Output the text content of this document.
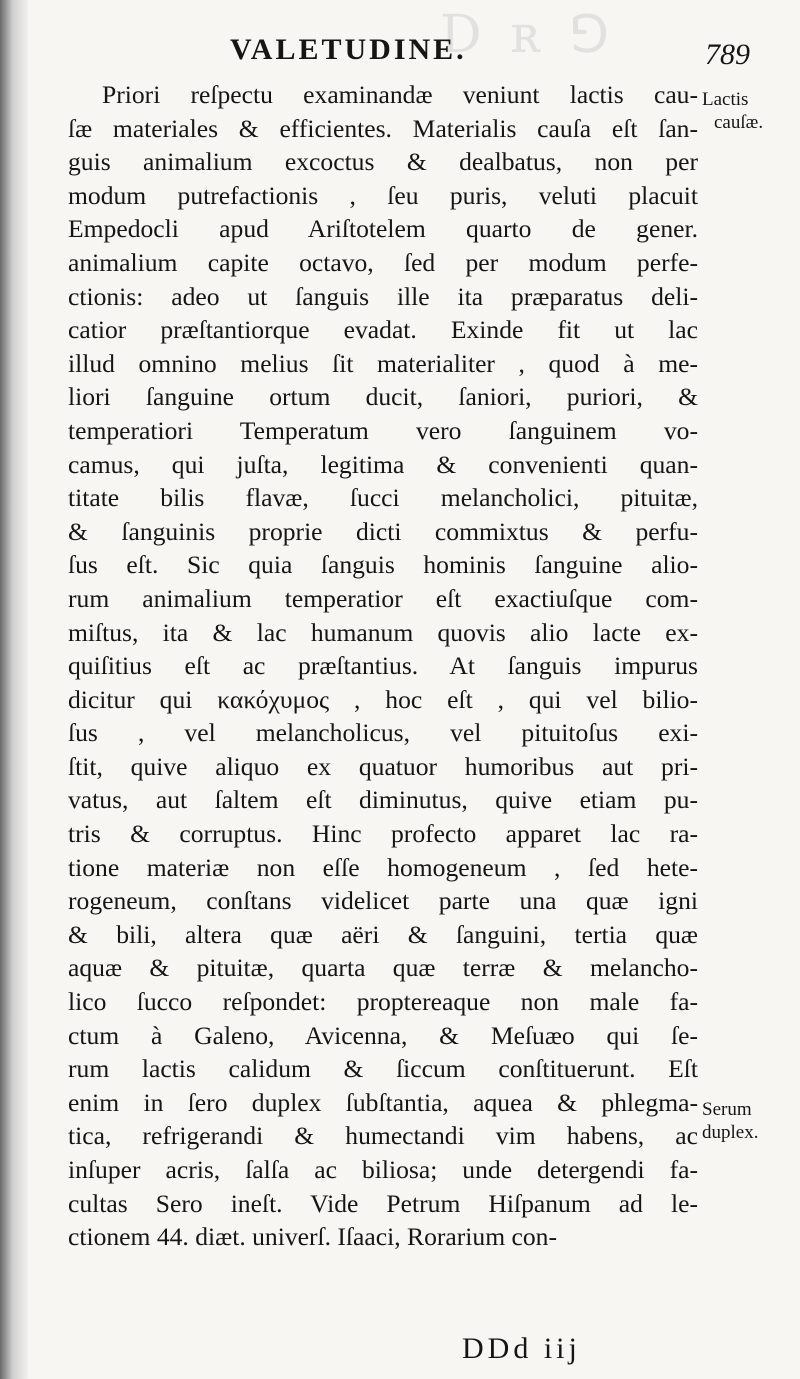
D ʀ ⅁
VALETUDINE.	789
Priori reſpectu examinandæ veniunt lactis cau-
ſæ materiales & efficientes. Materialis cauſa eſt ſan-
guis animalium excoctus & dealbatus, non per
modum putrefactionis , ſeu puris, veluti placuit
Empedocli apud Ariſtotelem quarto de gener.
animalium capite octavo, ſed per modum perfe-
ctionis: adeo ut ſanguis ille ita præparatus deli-
catior præſtantiorque evadat. Exinde fit ut lac
illud omnino melius ſit materialiter , quod à me-
liori ſanguine ortum ducit, ſaniori, puriori, &
temperatiori Temperatum vero ſanguinem vo-
camus, qui juſta, legitima & convenienti quan-
titate bilis flavæ, ſucci melancholici, pituitæ,
& ſanguinis proprie dicti commixtus & perfu-
ſus eſt. Sic quia ſanguis hominis ſanguine alio-
rum animalium temperatior eſt exactiuſque com-
miſtus, ita & lac humanum quovis alio lacte ex-
quiſitius eſt ac præſtantius. At ſanguis impurus
dicitur qui κακόχυμος , hoc eſt , qui vel bilio-
ſus , vel melancholicus, vel pituitoſus exi-
ſtit, quive aliquo ex quatuor humoribus aut pri-
vatus, aut ſaltem eſt diminutus, quive etiam pu-
tris & corruptus. Hinc profecto apparet lac ra-
tione materiæ non eſſe homogeneum , ſed hete-
rogeneum, conſtans videlicet parte una quæ igni
& bili, altera quæ aëri & ſanguini, tertia quæ
aquæ & pituitæ, quarta quæ terræ & melancho-
lico ſucco reſpondet: proptereaque non male fa-
ctum à Galeno, Avicenna, & Meſuæo qui ſe-
rum lactis calidum & ſiccum conſtituerunt. Eſt
enim in ſero duplex ſubſtantia, aquea & phlegma-
tica, refrigerandi & humectandi vim habens, ac
inſuper acris, ſalſa ac biliosa; unde detergendi fa-
cultas Sero ineſt. Vide Petrum Hiſpanum ad le-
ctionem 44. diæt. univerſ. Iſaaci, Rorarium con-
Lactis
cauſæ.
Serum
duplex.
DDd iij
